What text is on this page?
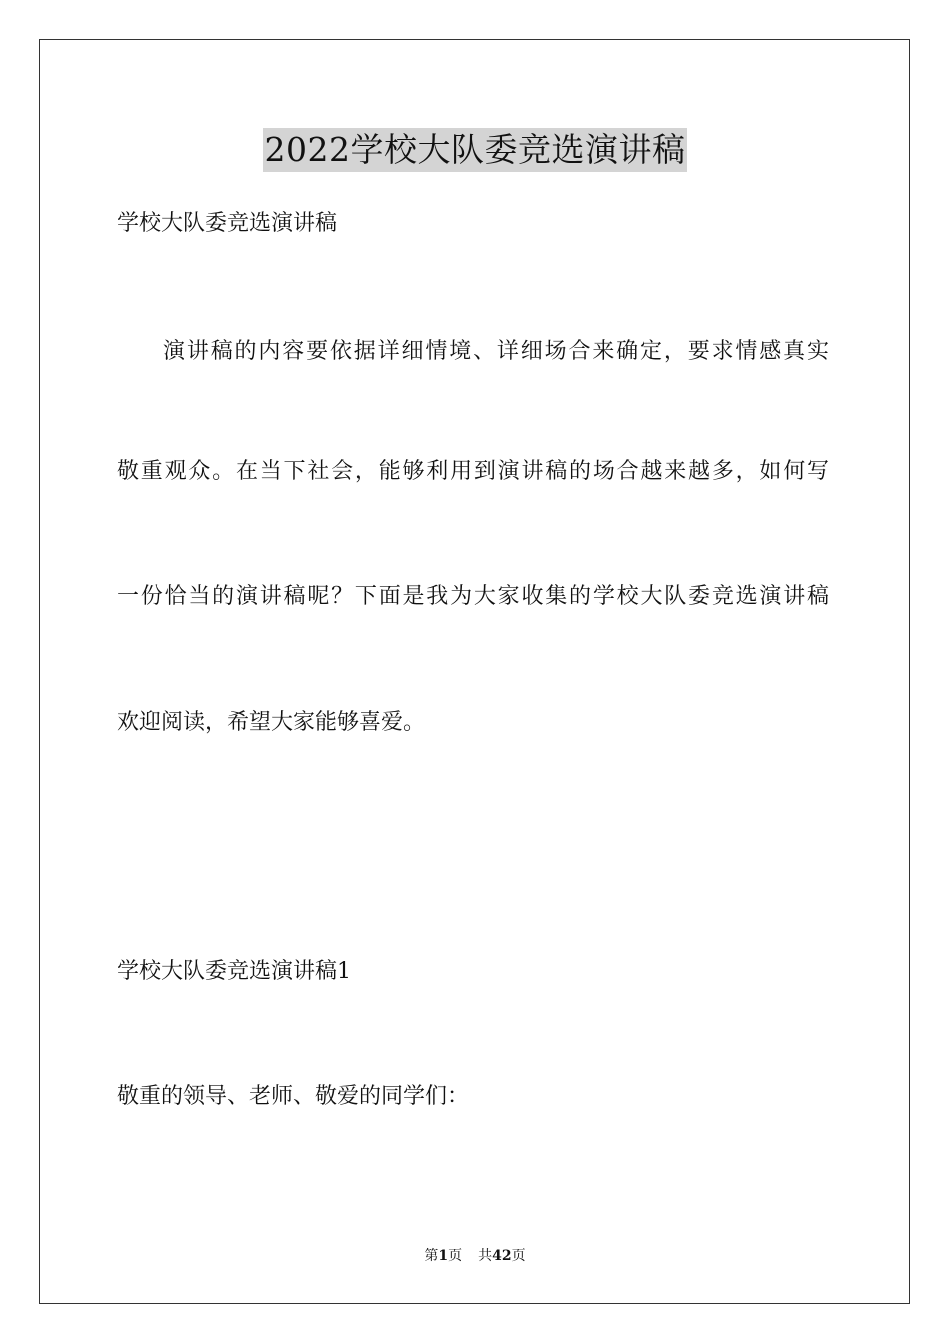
2022学校大队委竞选演讲稿

学校大队委竞选演讲稿

演讲稿的内容要依据详细情境、详细场合来确定，要求情感真实

敬重观众。在当下社会，能够利用到演讲稿的场合越来越多，如何写

一份恰当的演讲稿呢？下面是我为大家收集的学校大队委竞选演讲稿

欢迎阅读，希望大家能够喜爱。

学校大队委竞选演讲稿1

敬重的领导、老师、敬爱的同学们：

第1页 共42页
